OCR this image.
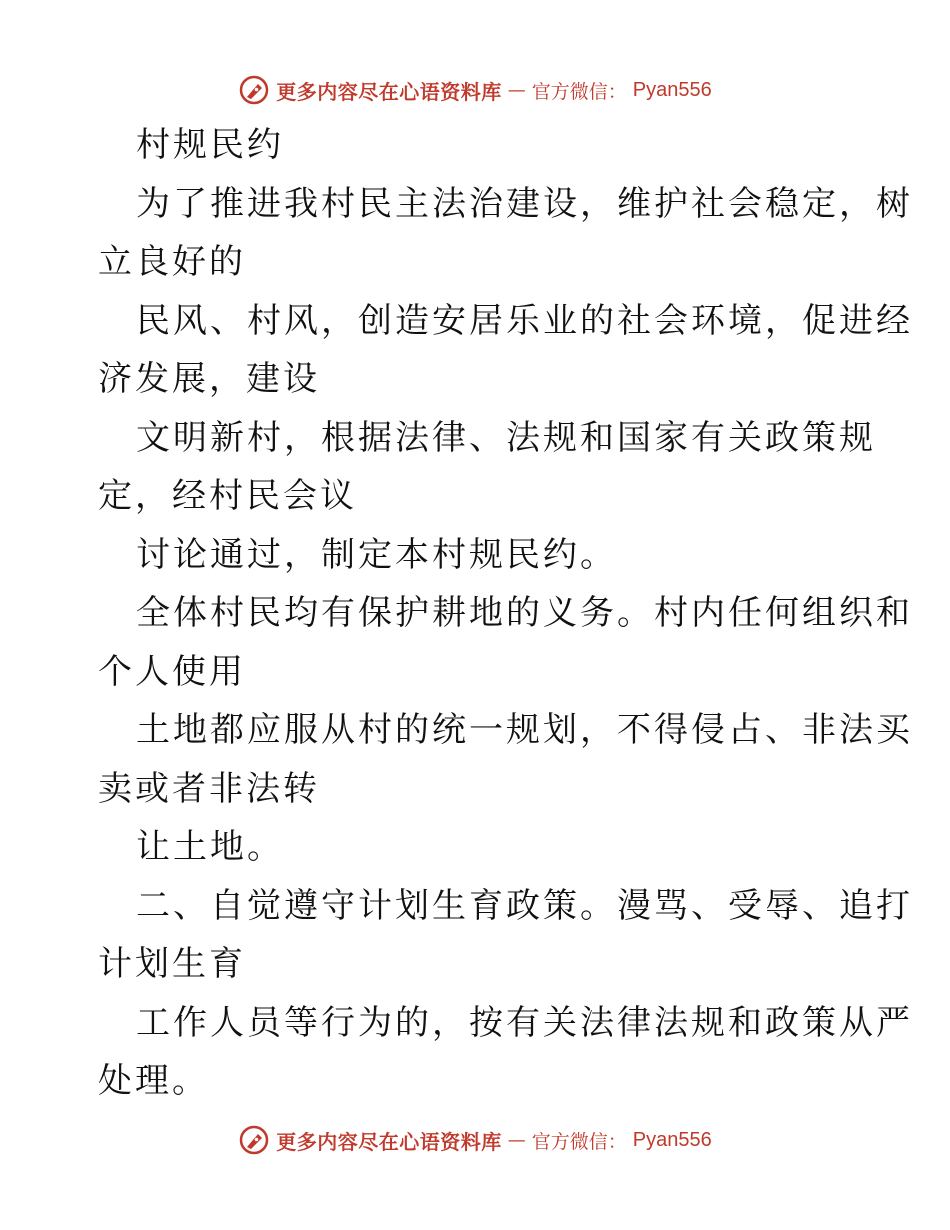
更多内容尽在心语资料库 — 官方微信： Pyan556
村规民约
为了推进我村民主法治建设，维护社会稳定，树
立良好的
民风、村风，创造安居乐业的社会环境，促进经
济发展，建设
文明新村，根据法律、法规和国家有关政策规
定，经村民会议
讨论通过，制定本村规民约。
全体村民均有保护耕地的义务。村内任何组织和
个人使用
土地都应服从村的统一规划，不得侵占、非法买
卖或者非法转
让土地。
二、自觉遵守计划生育政策。漫骂、受辱、追打
计划生育
工作人员等行为的，按有关法律法规和政策从严
处理。
更多内容尽在心语资料库 — 官方微信： Pyan556
